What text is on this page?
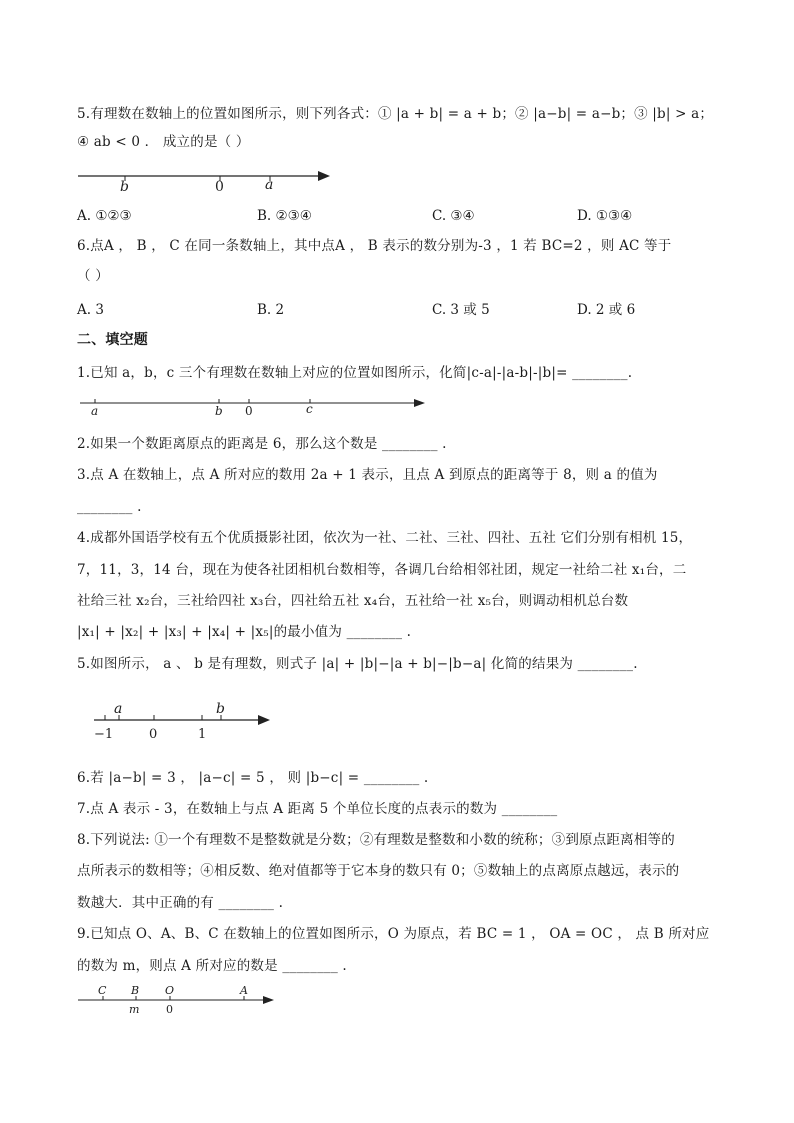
5.有理数在数轴上的位置如图所示，则下列各式：① |a + b| = a + b；② |a−b| = a−b；③ |b| > a；
④ ab < 0 ． 成立的是（ ）
b	0	a
A. ①②③	B. ②③④	C. ③④	D. ①③④
6.点A ， B ， C 在同一条数轴上，其中点A ， B 表示的数分别为-3 ，1 若 BC=2 ，则 AC 等于
（ ）
A. 3	B. 2	C. 3 或 5	D. 2 或 6
二、填空题
1.已知 a，b，c 三个有理数在数轴上对应的位置如图所示，化简|c-a|-|a-b|-|b|= ________.
a	b 0	c
2.如果一个数距离原点的距离是 6，那么这个数是 ________ .
3.点 A 在数轴上，点 A 所对应的数用 2a + 1 表示，且点 A 到原点的距离等于 8，则 a 的值为
________ .
4.成都外国语学校有五个优质摄影社团，依次为一社、二社、三社、四社、五社 它们分别有相机 15，
7，11，3，14 台，现在为使各社团相机台数相等，各调几台给相邻社团，规定一社给二社 x₁台，二
社给三社 x₂台，三社给四社 x₃台，四社给五社 x₄台，五社给一社 x₅台，则调动相机总台数
|x₁| + |x₂| + |x₃| + |x₄| + |x₅|的最小值为 ________ .
5.如图所示， a 、 b 是有理数，则式子 |a| + |b|−|a + b|−|b−a| 化简的结果为 ________.
a	b
−1	0	1
6.若 |a−b| = 3 ， |a−c| = 5 ， 则 |b−c| = ________ .
7.点 A 表示 - 3，在数轴上与点 A 距离 5 个单位长度的点表示的数为 ________
8.下列说法: ①一个有理数不是整数就是分数；②有理数是整数和小数的统称；③到原点距离相等的
点所表示的数相等；④相反数、绝对值都等于它本身的数只有 0；⑤数轴上的点离原点越远，表示的
数越大．其中正确的有 ________ .
9.已知点 O、A、B、C 在数轴上的位置如图所示，O 为原点，若 BC = 1 ， OA = OC ， 点 B 所对应
的数为 m，则点 A 所对应的数是 ________ .
C B O	A
m 0
